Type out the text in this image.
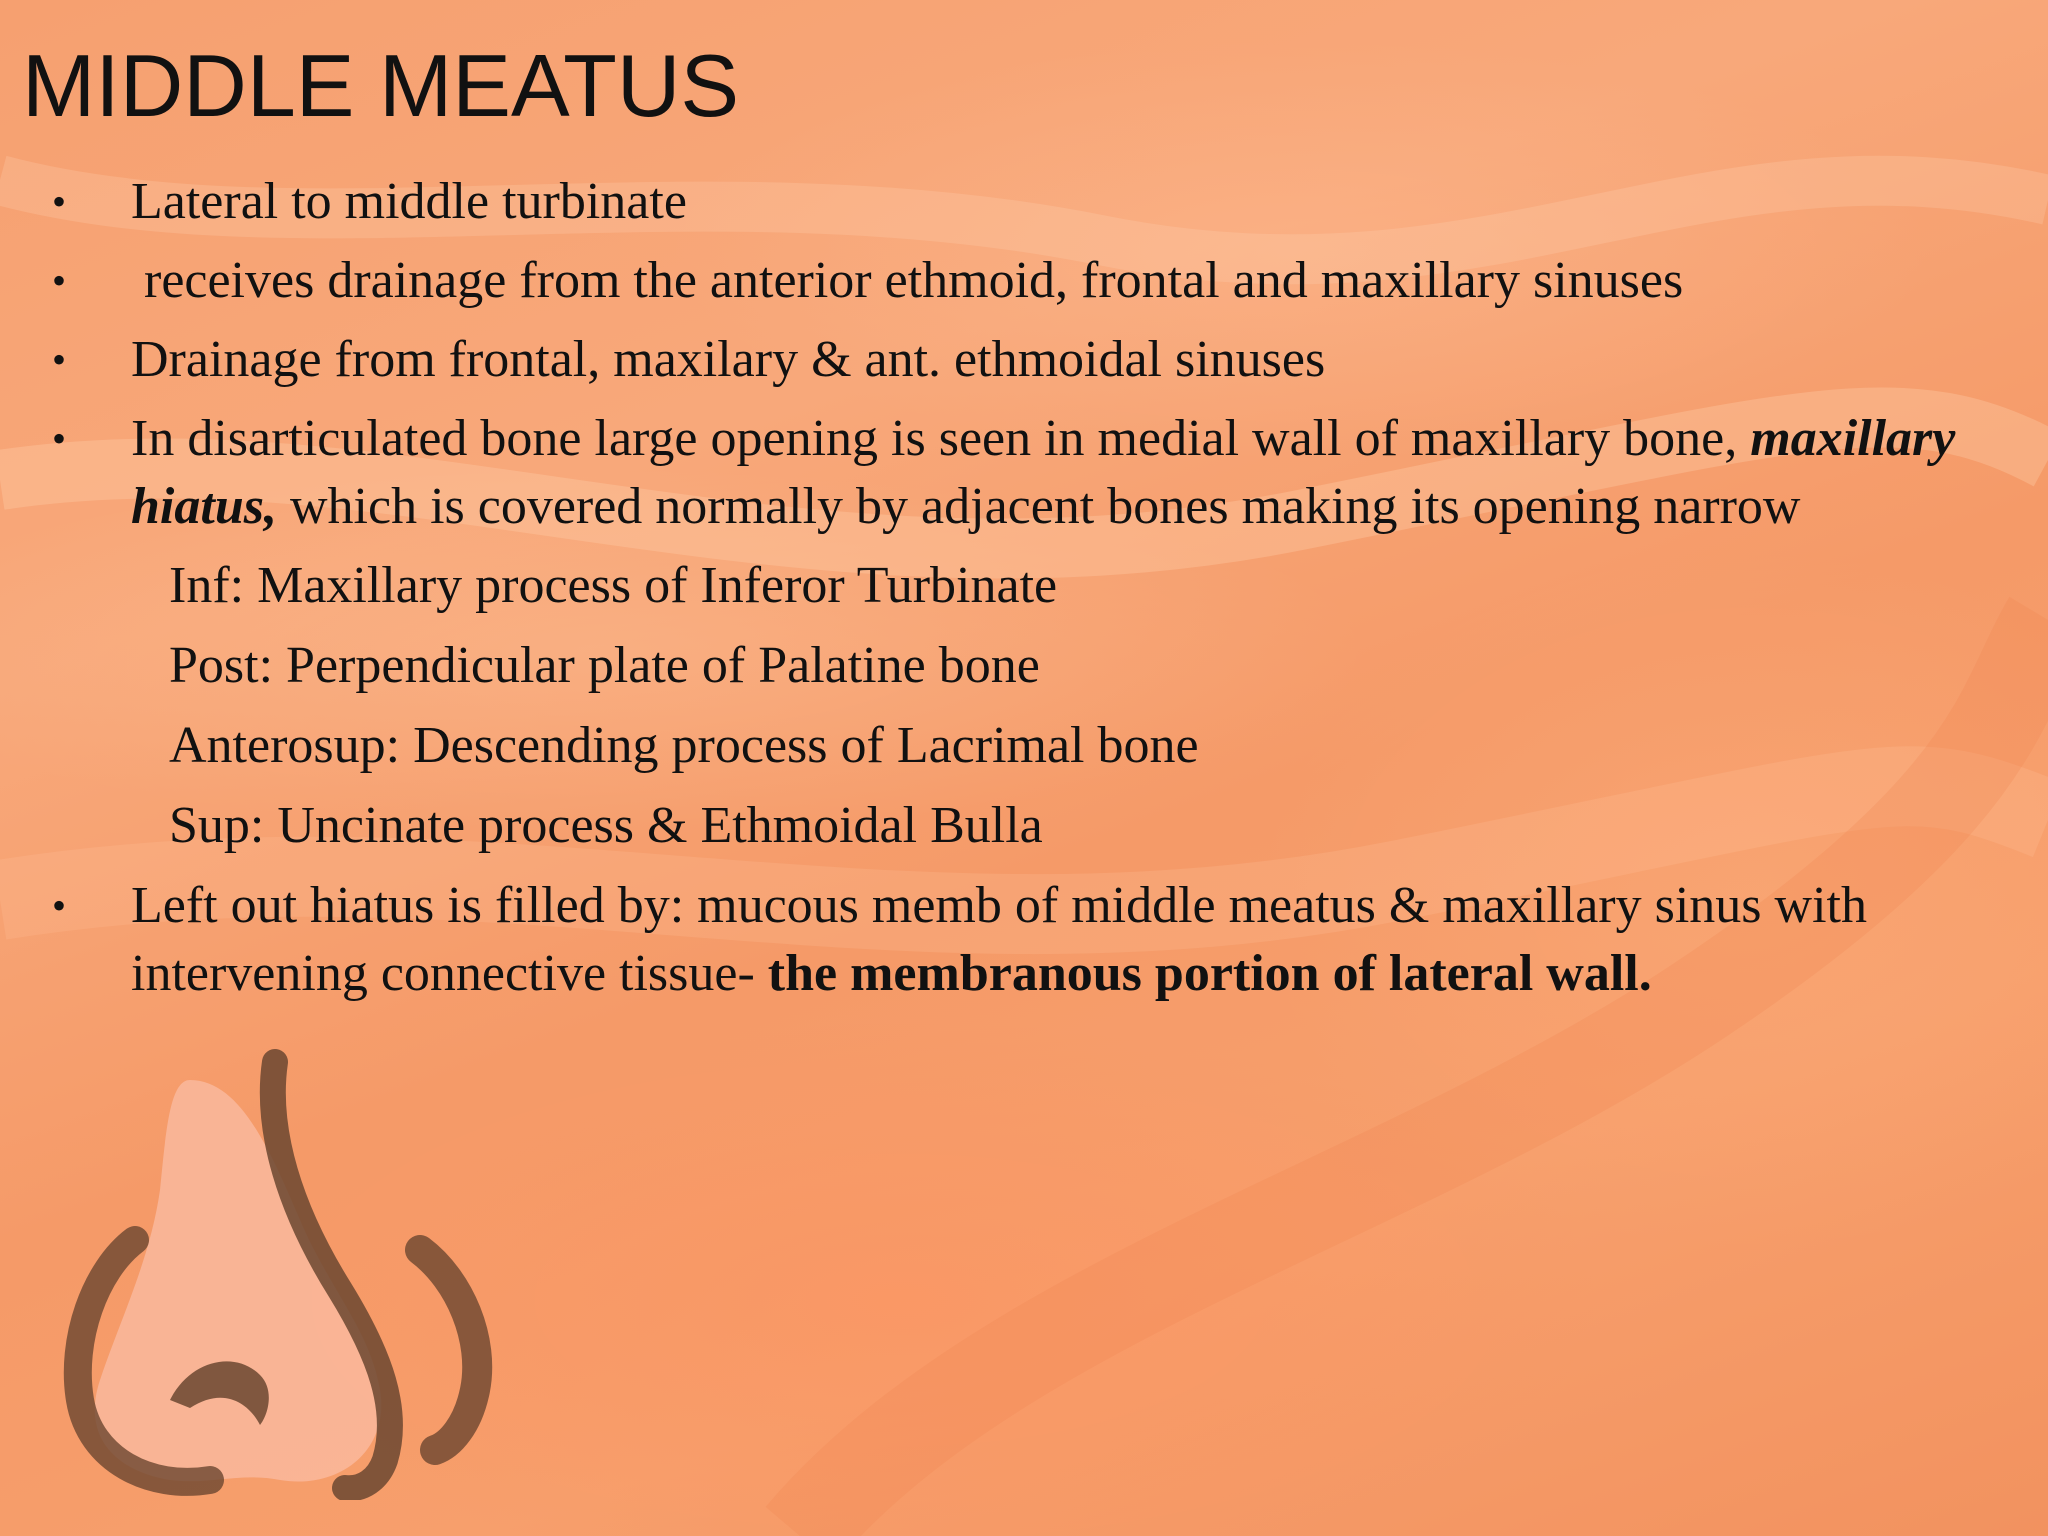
MIDDLE MEATUS
• Lateral to middle turbinate
• receives drainage from the anterior ethmoid, frontal and maxillary sinuses
• Drainage from frontal, maxilary & ant. ethmoidal sinuses
• In disarticulated bone large opening is seen in medial wall of maxillary bone, maxillary hiatus, which is covered normally by adjacent bones making its opening narrow
Inf: Maxillary process of Inferor Turbinate
Post: Perpendicular plate of Palatine bone
Anterosup: Descending process of Lacrimal bone
Sup: Uncinate process & Ethmoidal Bulla
• Left out hiatus is filled by: mucous memb of middle meatus & maxillary sinus with intervening connective tissue- the membranous portion of lateral wall.
